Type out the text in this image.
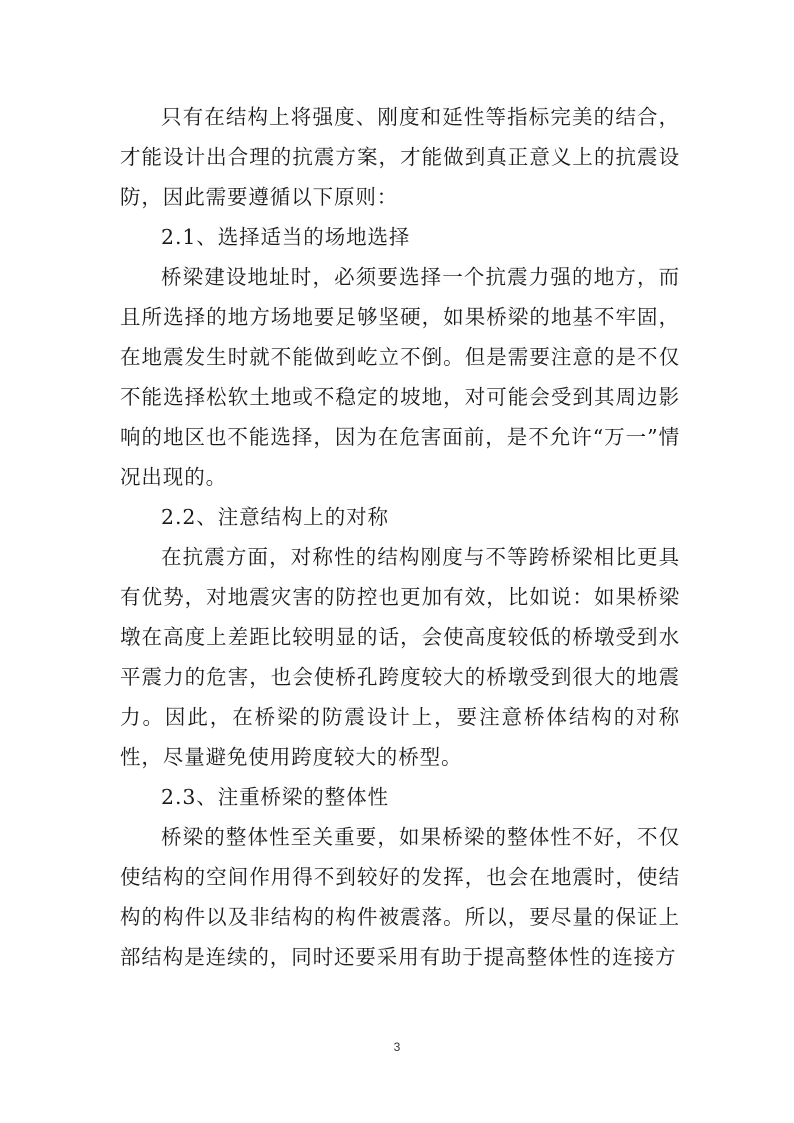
只有在结构上将强度、刚度和延性等指标完美的结合，才能设计出合理的抗震方案，才能做到真正意义上的抗震设防，因此需要遵循以下原则：

2.1、选择适当的场地选择

桥梁建设地址时，必须要选择一个抗震力强的地方，而且所选择的地方场地要足够坚硬，如果桥梁的地基不牢固，在地震发生时就不能做到屹立不倒。但是需要注意的是不仅不能选择松软土地或不稳定的坡地，对可能会受到其周边影响的地区也不能选择，因为在危害面前，是不允许“万一”情况出现的。

2.2、注意结构上的对称

在抗震方面，对称性的结构刚度与不等跨桥梁相比更具有优势，对地震灾害的防控也更加有效，比如说：如果桥梁墩在高度上差距比较明显的话，会使高度较低的桥墩受到水平震力的危害，也会使桥孔跨度较大的桥墩受到很大的地震力。因此，在桥梁的防震设计上，要注意桥体结构的对称性，尽量避免使用跨度较大的桥型。

2.3、注重桥梁的整体性

桥梁的整体性至关重要，如果桥梁的整体性不好，不仅使结构的空间作用得不到较好的发挥，也会在地震时，使结构的构件以及非结构的构件被震落。所以，要尽量的保证上部结构是连续的，同时还要采用有助于提高整体性的连接方

3
